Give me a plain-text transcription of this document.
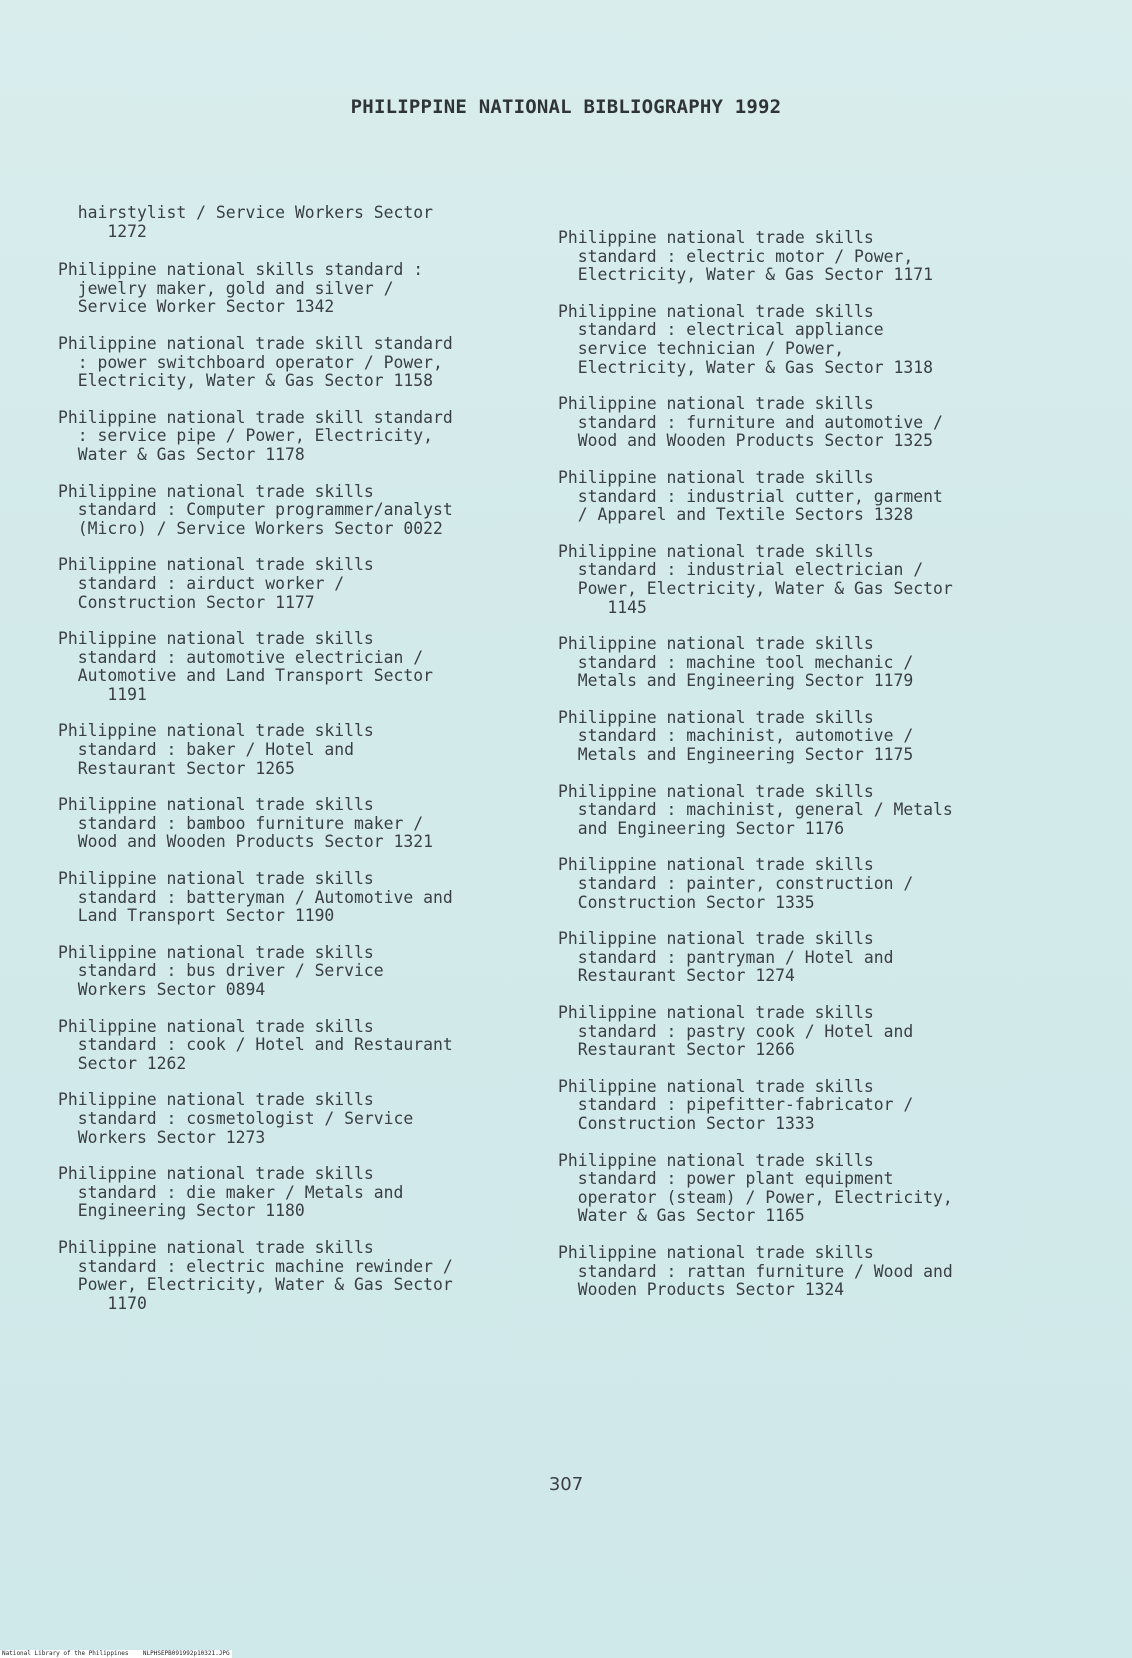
PHILIPPINE NATIONAL BIBLIOGRAPHY 1992
hairstylist / Service Workers Sector
1272
Philippine national skills standard :
jewelry maker, gold and silver /
Service Worker Sector 1342
Philippine national trade skill standard
: power switchboard operator / Power,
Electricity, Water & Gas Sector 1158
Philippine national trade skill standard
: service pipe / Power, Electricity,
Water & Gas Sector 1178
Philippine national trade skills
standard : Computer programmer/analyst
(Micro) / Service Workers Sector 0022
Philippine national trade skills
standard : airduct worker /
Construction Sector 1177
Philippine national trade skills
standard : automotive electrician /
Automotive and Land Transport Sector
1191
Philippine national trade skills
standard : baker / Hotel and
Restaurant Sector 1265
Philippine national trade skills
standard : bamboo furniture maker /
Wood and Wooden Products Sector 1321
Philippine national trade skills
standard : batteryman / Automotive and
Land Transport Sector 1190
Philippine national trade skills
standard : bus driver / Service
Workers Sector 0894
Philippine national trade skills
standard : cook / Hotel and Restaurant
Sector 1262
Philippine national trade skills
standard : cosmetologist / Service
Workers Sector 1273
Philippine national trade skills
standard : die maker / Metals and
Engineering Sector 1180
Philippine national trade skills
standard : electric machine rewinder /
Power, Electricity, Water & Gas Sector
1170
Philippine national trade skills
standard : electric motor / Power,
Electricity, Water & Gas Sector 1171
Philippine national trade skills
standard : electrical appliance
service technician / Power,
Electricity, Water & Gas Sector 1318
Philippine national trade skills
standard : furniture and automotive /
Wood and Wooden Products Sector 1325
Philippine national trade skills
standard : industrial cutter, garment
/ Apparel and Textile Sectors 1328
Philippine national trade skills
standard : industrial electrician /
Power, Electricity, Water & Gas Sector
1145
Philippine national trade skills
standard : machine tool mechanic /
Metals and Engineering Sector 1179
Philippine national trade skills
standard : machinist, automotive /
Metals and Engineering Sector 1175
Philippine national trade skills
standard : machinist, general / Metals
and Engineering Sector 1176
Philippine national trade skills
standard : painter, construction /
Construction Sector 1335
Philippine national trade skills
standard : pantryman / Hotel and
Restaurant Sector 1274
Philippine national trade skills
standard : pastry cook / Hotel and
Restaurant Sector 1266
Philippine national trade skills
standard : pipefitter-fabricator /
Construction Sector 1333
Philippine national trade skills
standard : power plant equipment
operator (steam) / Power, Electricity,
Water & Gas Sector 1165
Philippine national trade skills
standard : rattan furniture / Wood and
Wooden Products Sector 1324
307
National Library of the Philippines    NLPHSEPB091992p10321.JPG
